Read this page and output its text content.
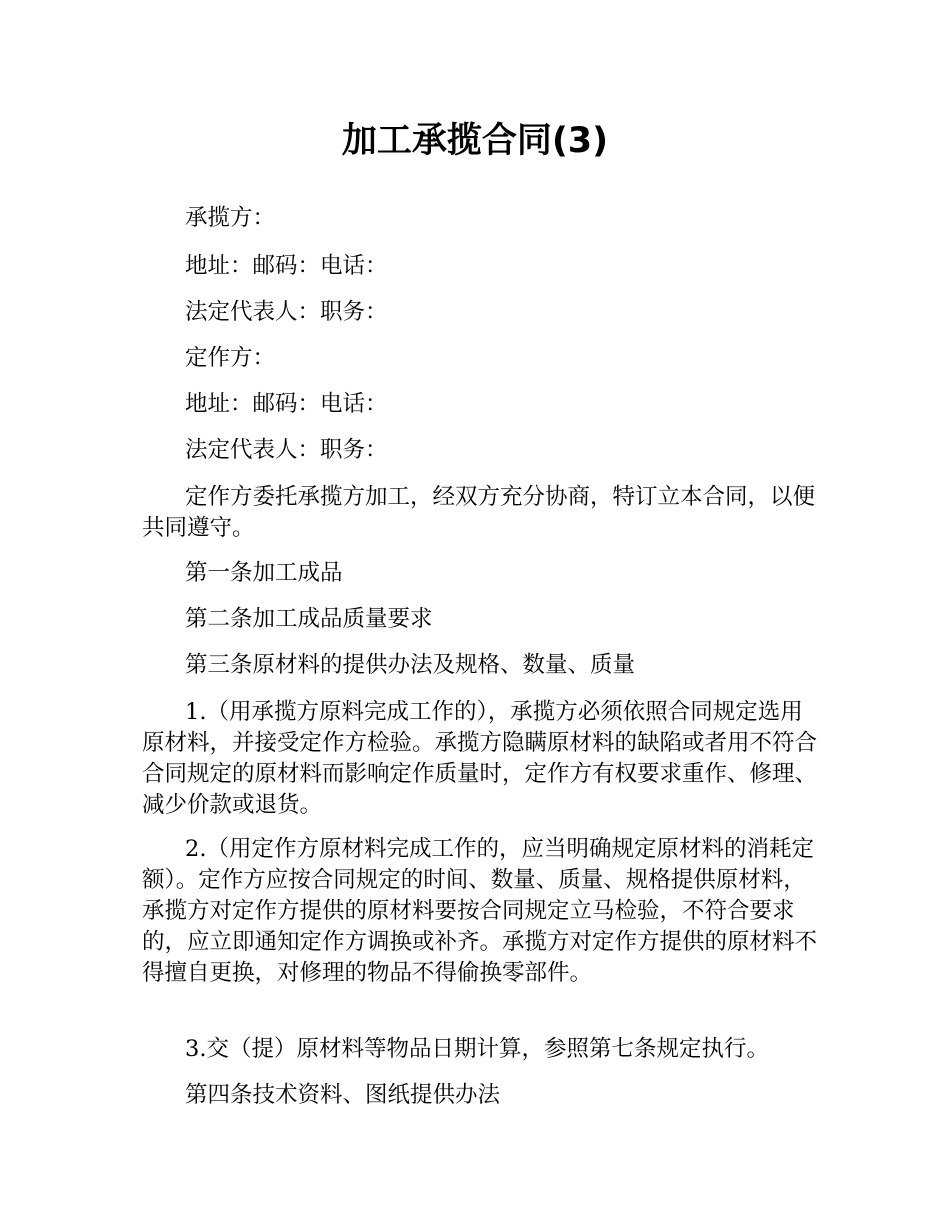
加工承揽合同(3)

承揽方：

地址：邮码：电话：

法定代表人：职务：

定作方：

地址：邮码：电话：

法定代表人：职务：

定作方委托承揽方加工，经双方充分协商，特订立本合同，以便共同遵守。

第一条加工成品

第二条加工成品质量要求

第三条原材料的提供办法及规格、数量、质量

1.（用承揽方原料完成工作的），承揽方必须依照合同规定选用原材料，并接受定作方检验。承揽方隐瞒原材料的缺陷或者用不符合合同规定的原材料而影响定作质量时，定作方有权要求重作、修理、减少价款或退货。

2.（用定作方原材料完成工作的，应当明确规定原材料的消耗定额）。定作方应按合同规定的时间、数量、质量、规格提供原材料，承揽方对定作方提供的原材料要按合同规定立马检验，不符合要求的，应立即通知定作方调换或补齐。承揽方对定作方提供的原材料不得擅自更换，对修理的物品不得偷换零部件。

3.交（提）原材料等物品日期计算，参照第七条规定执行。

第四条技术资料、图纸提供办法
